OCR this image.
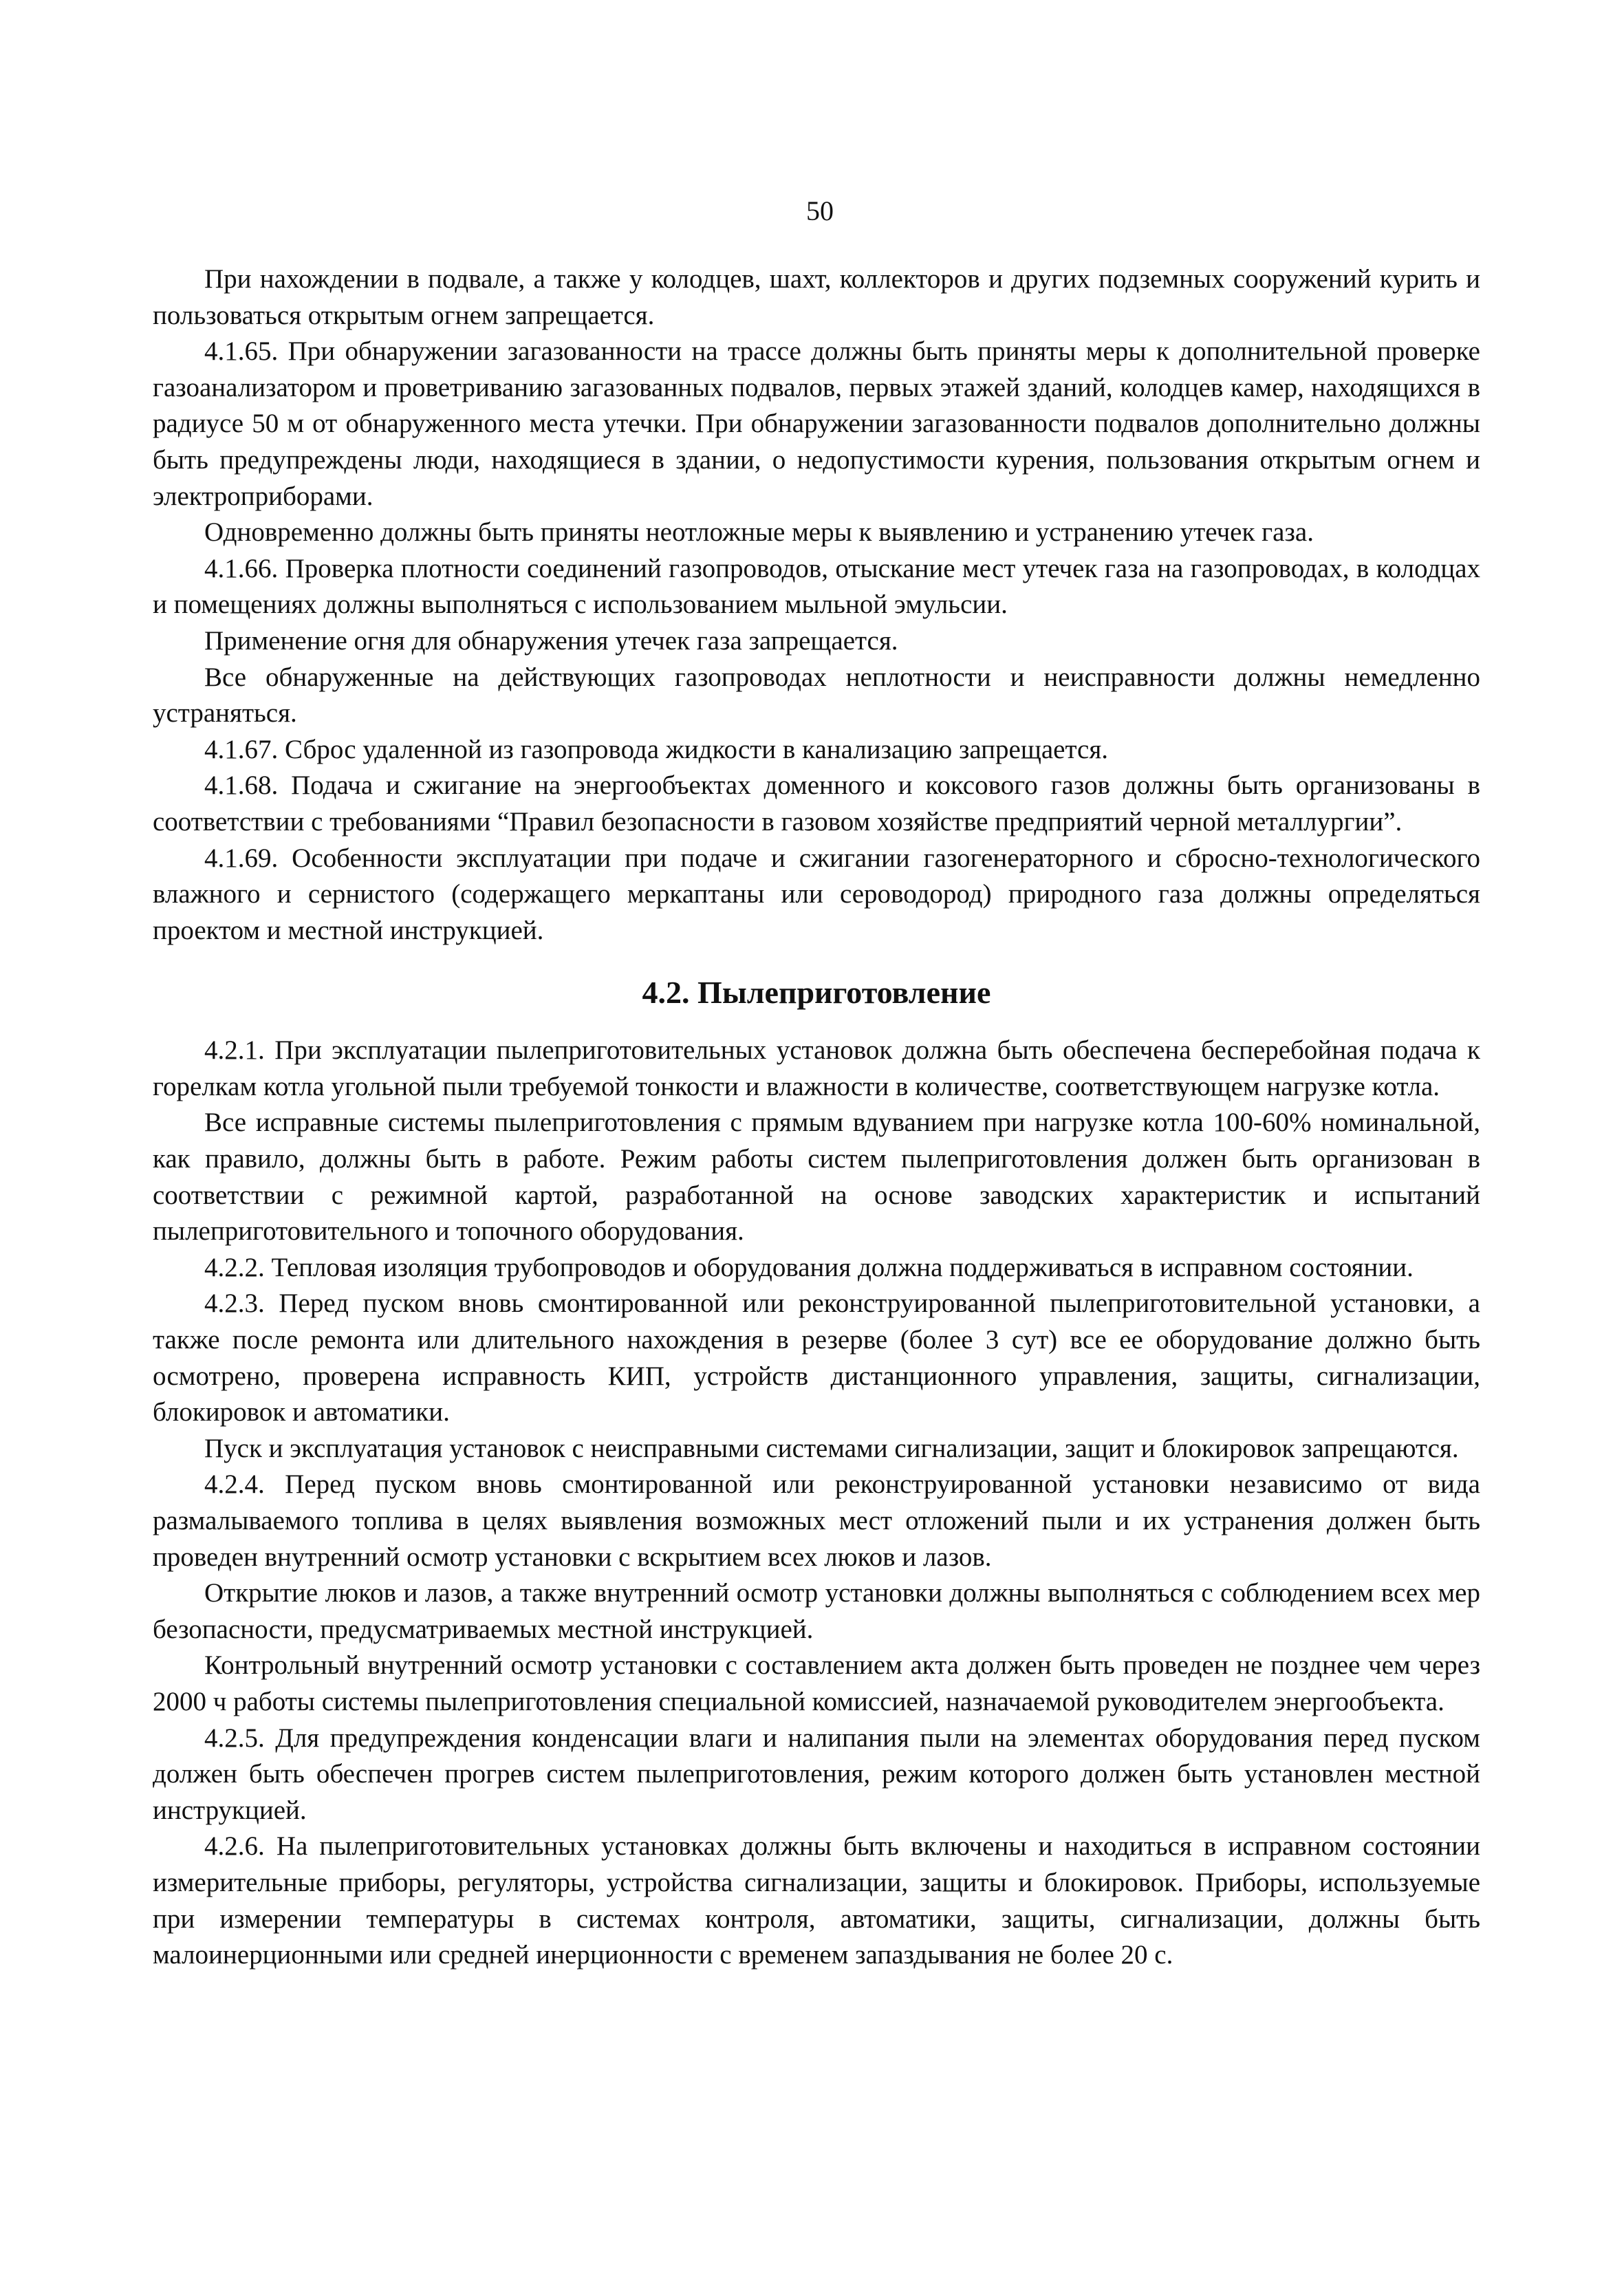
50

При нахождении в подвале, а также у колодцев, шахт, коллекторов и других подземных сооружений курить и пользоваться открытым огнем запрещается.

4.1.65. При обнаружении загазованности на трассе должны быть приняты меры к дополнительной проверке газоанализатором и проветриванию загазованных подвалов, первых этажей зданий, колодцев камер, находящихся в радиусе 50 м от обнаруженного места утечки. При обнаружении загазованности подвалов дополнительно должны быть предупреждены люди, находящиеся в здании, о недопустимости курения, пользования открытым огнем и электроприборами.

Одновременно должны быть приняты неотложные меры к выявлению и устранению утечек газа.

4.1.66. Проверка плотности соединений газопроводов, отыскание мест утечек газа на газопроводах, в колодцах и помещениях должны выполняться с использованием мыльной эмульсии.

Применение огня для обнаружения утечек газа запрещается.

Все обнаруженные на действующих газопроводах неплотности и неисправности должны немедленно устраняться.

4.1.67. Сброс удаленной из газопровода жидкости в канализацию запрещается.

4.1.68. Подача и сжигание на энергообъектах доменного и коксового газов должны быть организованы в соответствии с требованиями “Правил безопасности в газовом хозяйстве предприятий черной металлургии”.

4.1.69. Особенности эксплуатации при подаче и сжигании газогенераторного и сбросно-технологического влажного и сернистого (содержащего меркаптаны или сероводород) природного газа должны определяться проектом и местной инструкцией.

4.2. Пылеприготовление

4.2.1. При эксплуатации пылеприготовительных установок должна быть обеспечена бесперебойная подача к горелкам котла угольной пыли требуемой тонкости и влажности в количестве, соответствующем нагрузке котла.

Все исправные системы пылеприготовления с прямым вдуванием при нагрузке котла 100-60% номинальной, как правило, должны быть в работе. Режим работы систем пылеприготовления должен быть организован в соответствии с режимной картой, разработанной на основе заводских характеристик и испытаний пылеприготовительного и топочного оборудования.

4.2.2. Тепловая изоляция трубопроводов и оборудования должна поддерживаться в исправном состоянии.

4.2.3. Перед пуском вновь смонтированной или реконструированной пылеприготовительной установки, а также после ремонта или длительного нахождения в резерве (более 3 сут) все ее оборудование должно быть осмотрено, проверена исправность КИП, устройств дистанционного управления, защиты, сигнализации, блокировок и автоматики.

Пуск и эксплуатация установок с неисправными системами сигнализации, защит и блокировок запрещаются.

4.2.4. Перед пуском вновь смонтированной или реконструированной установки независимо от вида размалываемого топлива в целях выявления возможных мест отложений пыли и их устранения должен быть проведен внутренний осмотр установки с вскрытием всех люков и лазов.

Открытие люков и лазов, а также внутренний осмотр установки должны выполняться с соблюдением всех мер безопасности, предусматриваемых местной инструкцией.

Контрольный внутренний осмотр установки с составлением акта должен быть проведен не позднее чем через 2000 ч работы системы пылеприготовления специальной комиссией, назначаемой руководителем энергообъекта.

4.2.5. Для предупреждения конденсации влаги и налипания пыли на элементах оборудования перед пуском должен быть обеспечен прогрев систем пылеприготовления, режим которого должен быть установлен местной инструкцией.

4.2.6. На пылеприготовительных установках должны быть включены и находиться в исправном состоянии измерительные приборы, регуляторы, устройства сигнализации, защиты и блокировок. Приборы, используемые при измерении температуры в системах контроля, автоматики, защиты, сигнализации, должны быть малоинерционными или средней инерционности с временем запаздывания не более 20 с.
